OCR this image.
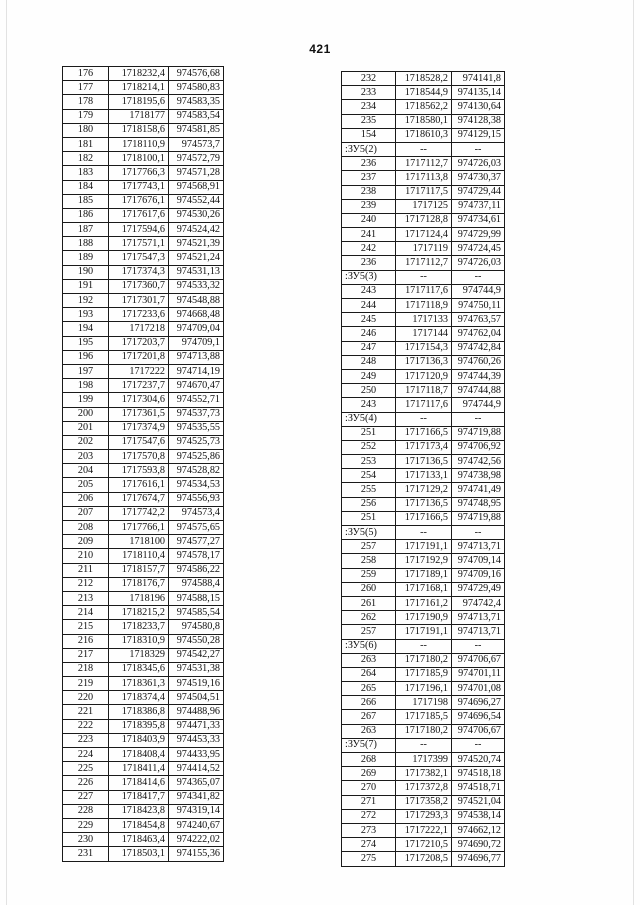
421
176	1718232,4	974576,68
177	1718214,1	974580,83
178	1718195,6	974583,35
179	1718177	974583,54
180	1718158,6	974581,85
181	1718110,9	974573,7
182	1718100,1	974572,79
183	1717766,3	974571,28
184	1717743,1	974568,91
185	1717676,1	974552,44
186	1717617,6	974530,26
187	1717594,6	974524,42
188	1717571,1	974521,39
189	1717547,3	974521,24
190	1717374,3	974531,13
191	1717360,7	974533,32
192	1717301,7	974548,88
193	1717233,6	974668,48
194	1717218	974709,04
195	1717203,7	974709,1
196	1717201,8	974713,88
197	1717222	974714,19
198	1717237,7	974670,47
199	1717304,6	974552,71
200	1717361,5	974537,73
201	1717374,9	974535,55
202	1717547,6	974525,73
203	1717570,8	974525,86
204	1717593,8	974528,82
205	1717616,1	974534,53
206	1717674,7	974556,93
207	1717742,2	974573,4
208	1717766,1	974575,65
209	1718100	974577,27
210	1718110,4	974578,17
211	1718157,7	974586,22
212	1718176,7	974588,4
213	1718196	974588,15
214	1718215,2	974585,54
215	1718233,7	974580,8
216	1718310,9	974550,28
217	1718329	974542,27
218	1718345,6	974531,38
219	1718361,3	974519,16
220	1718374,4	974504,51
221	1718386,8	974488,96
222	1718395,8	974471,33
223	1718403,9	974453,33
224	1718408,4	974433,95
225	1718411,4	974414,52
226	1718414,6	974365,07
227	1718417,7	974341,82
228	1718423,8	974319,14
229	1718454,8	974240,67
230	1718463,4	974222,02
231	1718503,1	974155,36
232	1718528,2	974141,8
233	1718544,9	974135,14
234	1718562,2	974130,64
235	1718580,1	974128,38
154	1718610,3	974129,15
:ЗУ5(2)	--	--
236	1717112,7	974726,03
237	1717113,8	974730,37
238	1717117,5	974729,44
239	1717125	974737,11
240	1717128,8	974734,61
241	1717124,4	974729,99
242	1717119	974724,45
236	1717112,7	974726,03
:ЗУ5(3)	--	--
243	1717117,6	974744,9
244	1717118,9	974750,11
245	1717133	974763,57
246	1717144	974762,04
247	1717154,3	974742,84
248	1717136,3	974760,26
249	1717120,9	974744,39
250	1717118,7	974744,88
243	1717117,6	974744,9
:ЗУ5(4)	--	--
251	1717166,5	974719,88
252	1717173,4	974706,92
253	1717136,5	974742,56
254	1717133,1	974738,98
255	1717129,2	974741,49
256	1717136,5	974748,95
251	1717166,5	974719,88
:ЗУ5(5)	--	--
257	1717191,1	974713,71
258	1717192,9	974709,14
259	1717189,1	974709,16
260	1717168,1	974729,49
261	1717161,2	974742,4
262	1717190,9	974713,71
257	1717191,1	974713,71
:ЗУ5(6)	--	--
263	1717180,2	974706,67
264	1717185,9	974701,11
265	1717196,1	974701,08
266	1717198	974696,27
267	1717185,5	974696,54
263	1717180,2	974706,67
:ЗУ5(7)	--	--
268	1717399	974520,74
269	1717382,1	974518,18
270	1717372,8	974518,71
271	1717358,2	974521,04
272	1717293,3	974538,14
273	1717222,1	974662,12
274	1717210,5	974690,72
275	1717208,5	974696,77
